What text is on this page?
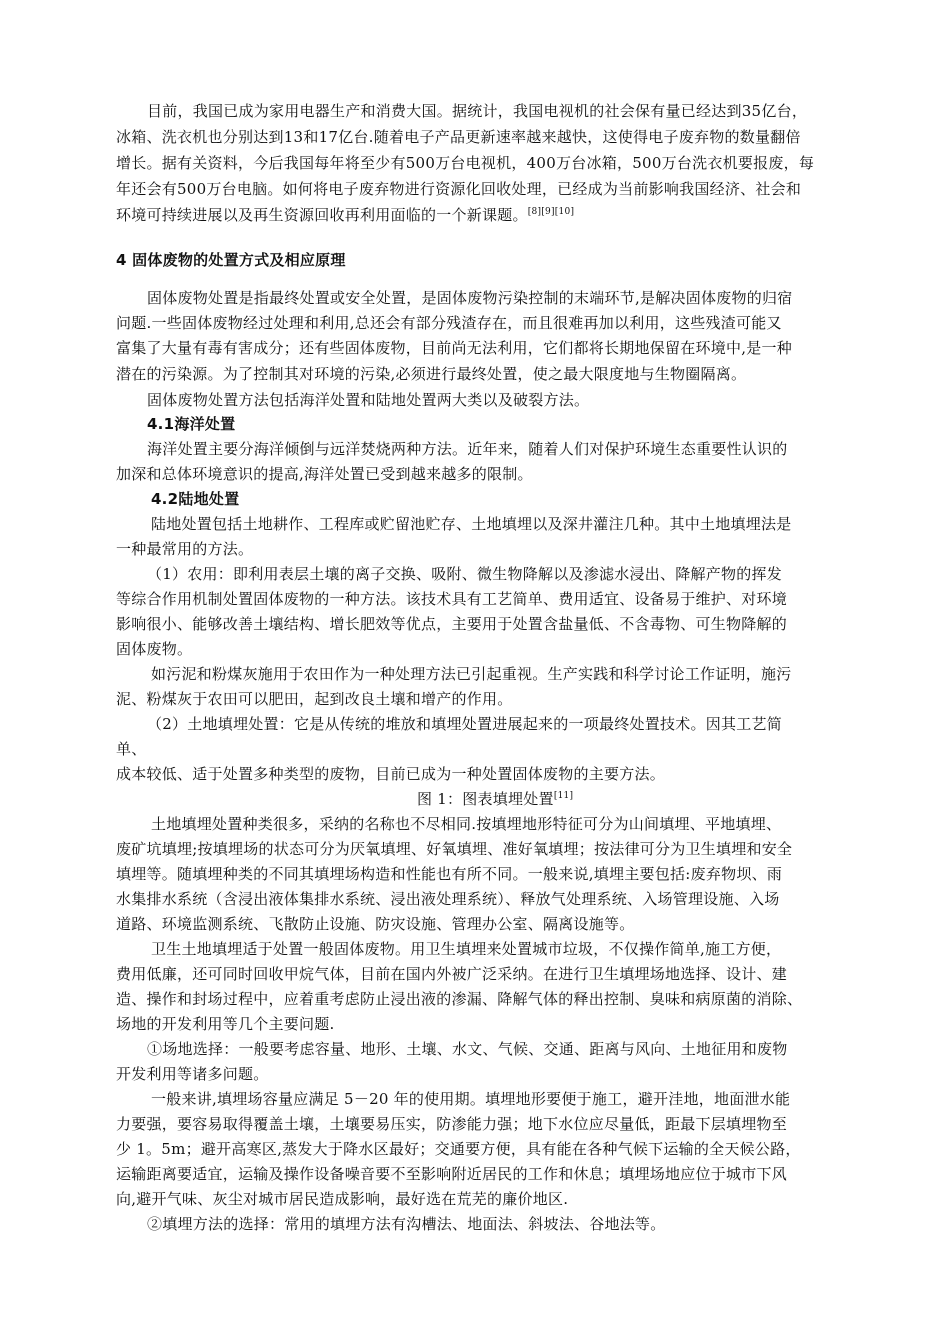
目前，我国已成为家用电器生产和消费大国。据统计，我国电视机的社会保有量已经达到35亿台，
冰箱、洗衣机也分别达到13和17亿台.随着电子产品更新速率越来越快，这使得电子废弃物的数量翻倍
增长。据有关资料，今后我国每年将至少有500万台电视机，400万台冰箱，500万台洗衣机要报废，每
年还会有500万台电脑。如何将电子废弃物进行资源化回收处理，已经成为当前影响我国经济、社会和
环境可持续进展以及再生资源回收再利用面临的一个新课题。[8][9][10]
4 固体废物的处置方式及相应原理
固体废物处置是指最终处置或安全处置，是固体废物污染控制的末端环节,是解决固体废物的归宿
问题.一些固体废物经过处理和利用,总还会有部分残渣存在，而且很难再加以利用，这些残渣可能又
富集了大量有毒有害成分；还有些固体废物，目前尚无法利用，它们都将长期地保留在环境中,是一种
潜在的污染源。为了控制其对环境的污染,必须进行最终处置，使之最大限度地与生物圈隔离。
固体废物处置方法包括海洋处置和陆地处置两大类以及破裂方法。
4.1海洋处置
海洋处置主要分海洋倾倒与远洋焚烧两种方法。近年来，随着人们对保护环境生态重要性认识的
加深和总体环境意识的提高,海洋处置已受到越来越多的限制。
4.2陆地处置
陆地处置包括土地耕作、工程库或贮留池贮存、土地填埋以及深井灌注几种。其中土地填埋法是
一种最常用的方法。
（1）农用：即利用表层土壤的离子交换、吸附、微生物降解以及渗滤水浸出、降解产物的挥发
等综合作用机制处置固体废物的一种方法。该技术具有工艺简单、费用适宜、设备易于维护、对环境
影响很小、能够改善土壤结构、增长肥效等优点，主要用于处置含盐量低、不含毒物、可生物降解的
固体废物。
如污泥和粉煤灰施用于农田作为一种处理方法已引起重视。生产实践和科学讨论工作证明，施污
泥、粉煤灰于农田可以肥田，起到改良土壤和增产的作用。
（2）土地填埋处置：它是从传统的堆放和填埋处置进展起来的一项最终处置技术。因其工艺简
单、
成本较低、适于处置多种类型的废物，目前已成为一种处置固体废物的主要方法。
图 1：图表填埋处置[11]
土地填埋处置种类很多，采纳的名称也不尽相同.按填埋地形特征可分为山间填埋、平地填埋、
废矿坑填埋;按填埋场的状态可分为厌氧填埋、好氧填埋、准好氧填埋；按法律可分为卫生填埋和安全
填埋等。随填埋种类的不同其填埋场构造和性能也有所不同。一般来说,填埋主要包括:废弃物坝、雨
水集排水系统（含浸出液体集排水系统、浸出液处理系统）、释放气处理系统、入场管理设施、入场
道路、环境监测系统、飞散防止设施、防灾设施、管理办公室、隔离设施等。
卫生土地填埋适于处置一般固体废物。用卫生填埋来处置城市垃圾，不仅操作简单,施工方便，
费用低廉，还可同时回收甲烷气体，目前在国内外被广泛采纳。在进行卫生填埋场地选择、设计、建
造、操作和封场过程中，应着重考虑防止浸出液的渗漏、降解气体的释出控制、臭味和病原菌的消除、
场地的开发利用等几个主要问题.
①场地选择：一般要考虑容量、地形、土壤、水文、气候、交通、距离与风向、土地征用和废物
开发利用等诸多问题。
一般来讲,填埋场容量应满足 5－20 年的使用期。填埋地形要便于施工，避开洼地，地面泄水能
力要强，要容易取得覆盖土壤，土壤要易压实，防渗能力强；地下水位应尽量低，距最下层填埋物至
少 1。5m；避开高寒区,蒸发大于降水区最好；交通要方便，具有能在各种气候下运输的全天候公路，
运输距离要适宜，运输及操作设备噪音要不至影响附近居民的工作和休息；填埋场地应位于城市下风
向,避开气味、灰尘对城市居民造成影响，最好选在荒芜的廉价地区.
②填埋方法的选择：常用的填埋方法有沟槽法、地面法、斜坡法、谷地法等。
